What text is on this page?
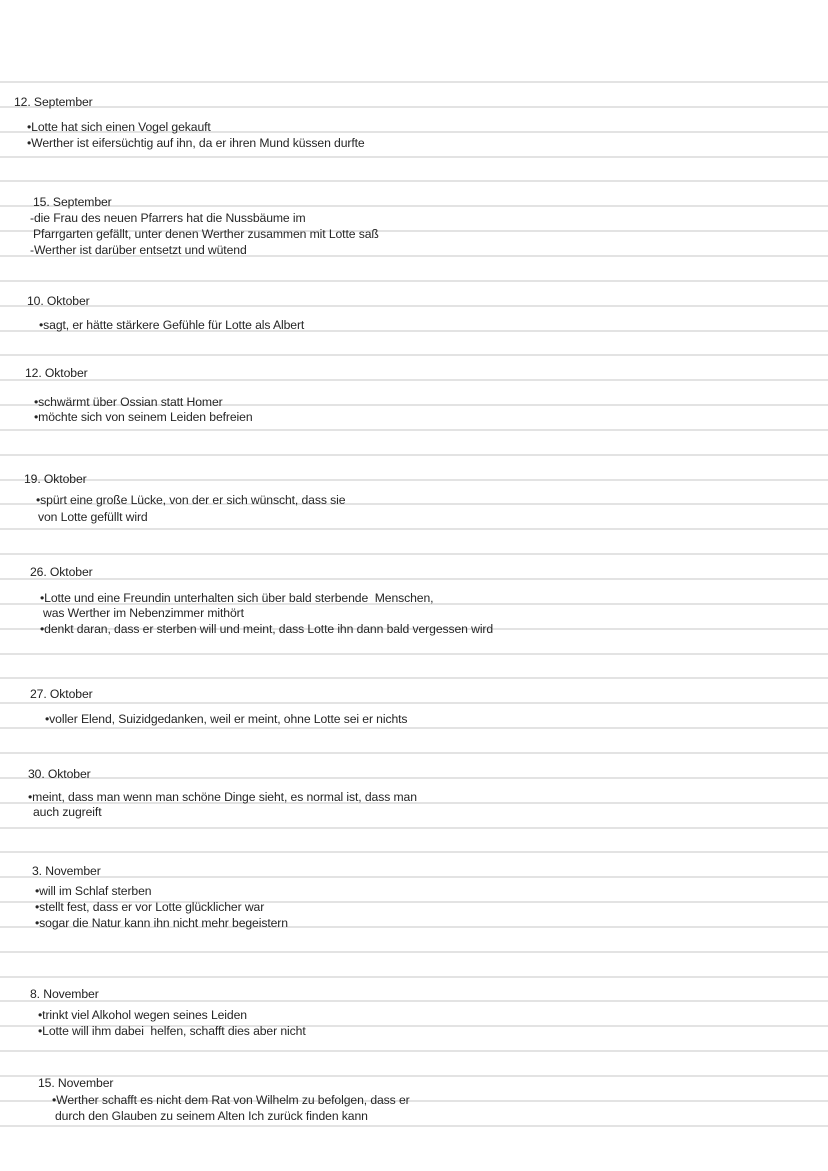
12. September
•Lotte hat sich einen Vogel gekauft
•Werther ist eifersüchtig auf ihn, da er ihren Mund küssen durfte
15. September
-die Frau des neuen Pfarrers hat die Nussbäume im
Pfarrgarten gefällt, unter denen Werther zusammen mit Lotte saß
-Werther ist darüber entsetzt und wütend
10. Oktober
•sagt, er hätte stärkere Gefühle für Lotte als Albert
12. Oktober
•schwärmt über Ossian statt Homer
•möchte sich von seinem Leiden befreien
19. Oktober
•spürt eine große Lücke, von der er sich wünscht, dass sie
von Lotte gefüllt wird
26. Oktober
•Lotte und eine Freundin unterhalten sich über bald sterbende  Menschen,
was Werther im Nebenzimmer mithört
•denkt daran, dass er sterben will und meint, dass Lotte ihn dann bald vergessen wird
27. Oktober
•voller Elend, Suizidgedanken, weil er meint, ohne Lotte sei er nichts
30. Oktober
•meint, dass man wenn man schöne Dinge sieht, es normal ist, dass man
auch zugreift
3. November
•will im Schlaf sterben
•stellt fest, dass er vor Lotte glücklicher war
•sogar die Natur kann ihn nicht mehr begeistern
8. November
•trinkt viel Alkohol wegen seines Leiden
•Lotte will ihm dabei  helfen, schafft dies aber nicht
15. November
•Werther schafft es nicht dem Rat von Wilhelm zu befolgen, dass er
durch den Glauben zu seinem Alten Ich zurück finden kann
